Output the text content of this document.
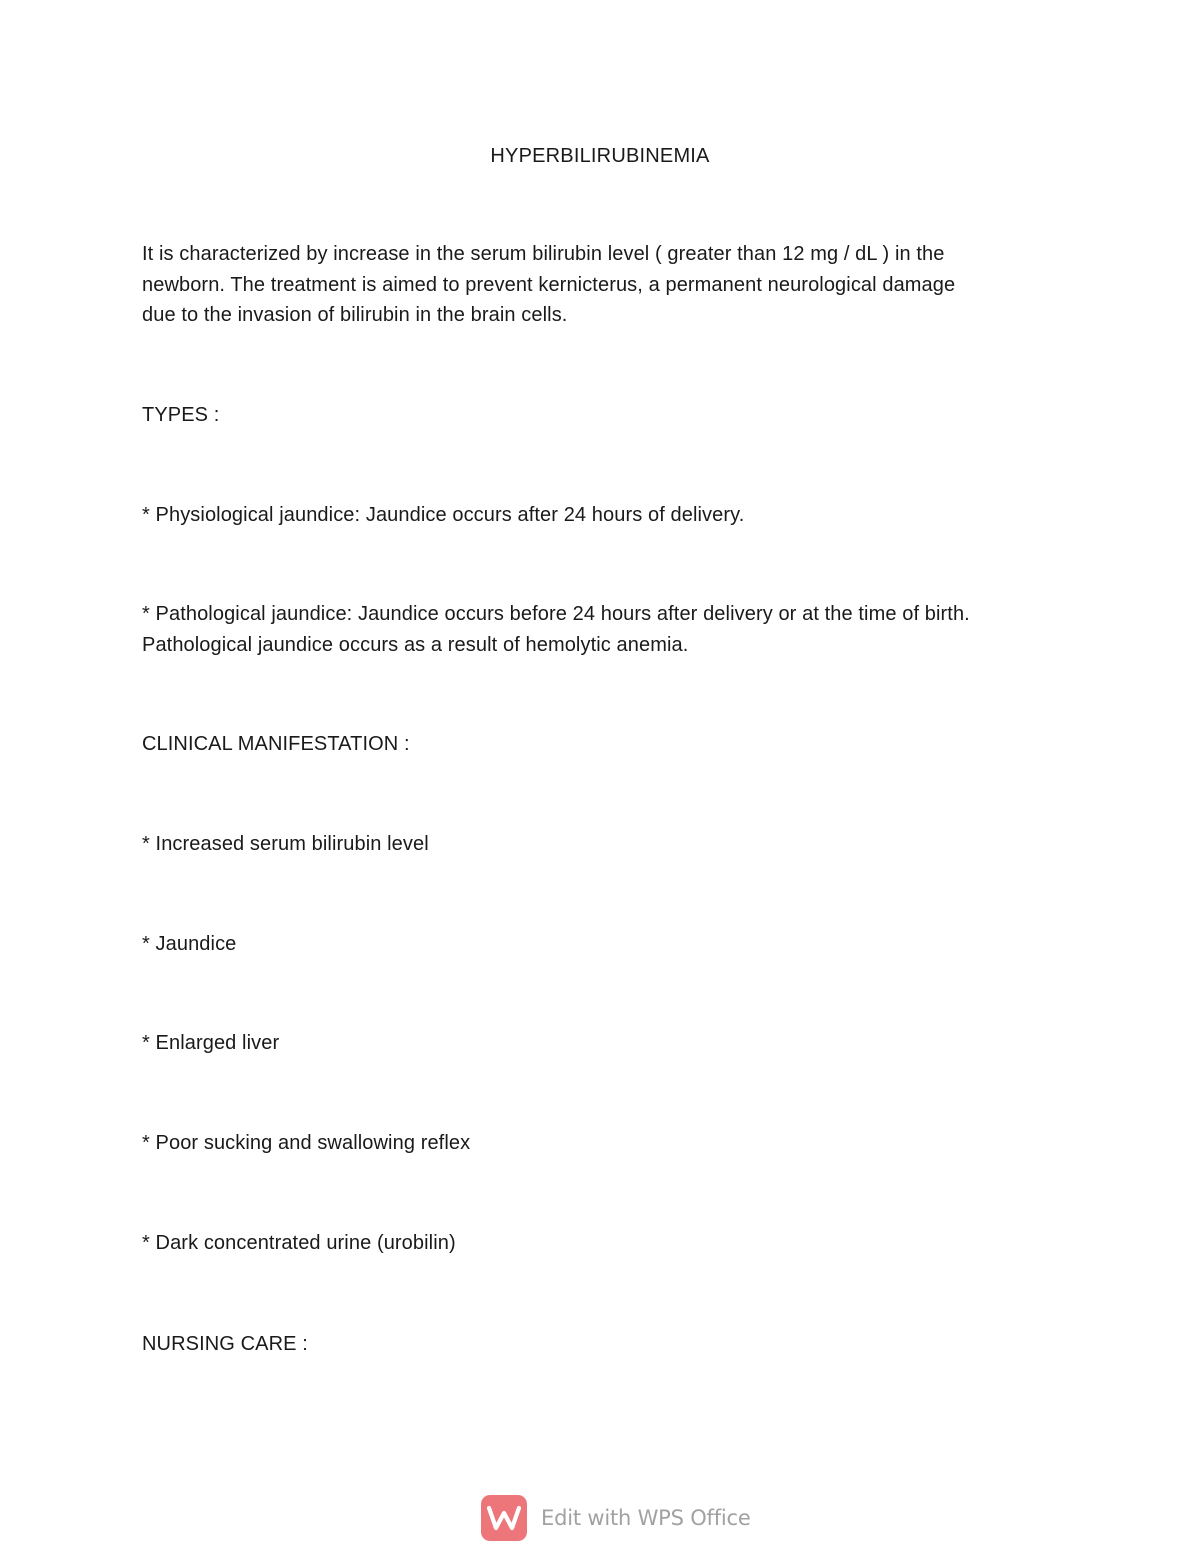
HYPERBILIRUBINEMIA
It is characterized by increase in the serum bilirubin level ( greater than 12 mg / dL ) in the
newborn. The treatment is aimed to prevent kernicterus, a permanent neurological damage
due to the invasion of bilirubin in the brain cells.
TYPES :
* Physiological jaundice: Jaundice occurs after 24 hours of delivery.
* Pathological jaundice: Jaundice occurs before 24 hours after delivery or at the time of birth.
Pathological jaundice occurs as a result of hemolytic anemia.
CLINICAL MANIFESTATION :
* Increased serum bilirubin level
* Jaundice
* Enlarged liver
* Poor sucking and swallowing reflex
* Dark concentrated urine (urobilin)
NURSING CARE :
Edit with WPS Office
